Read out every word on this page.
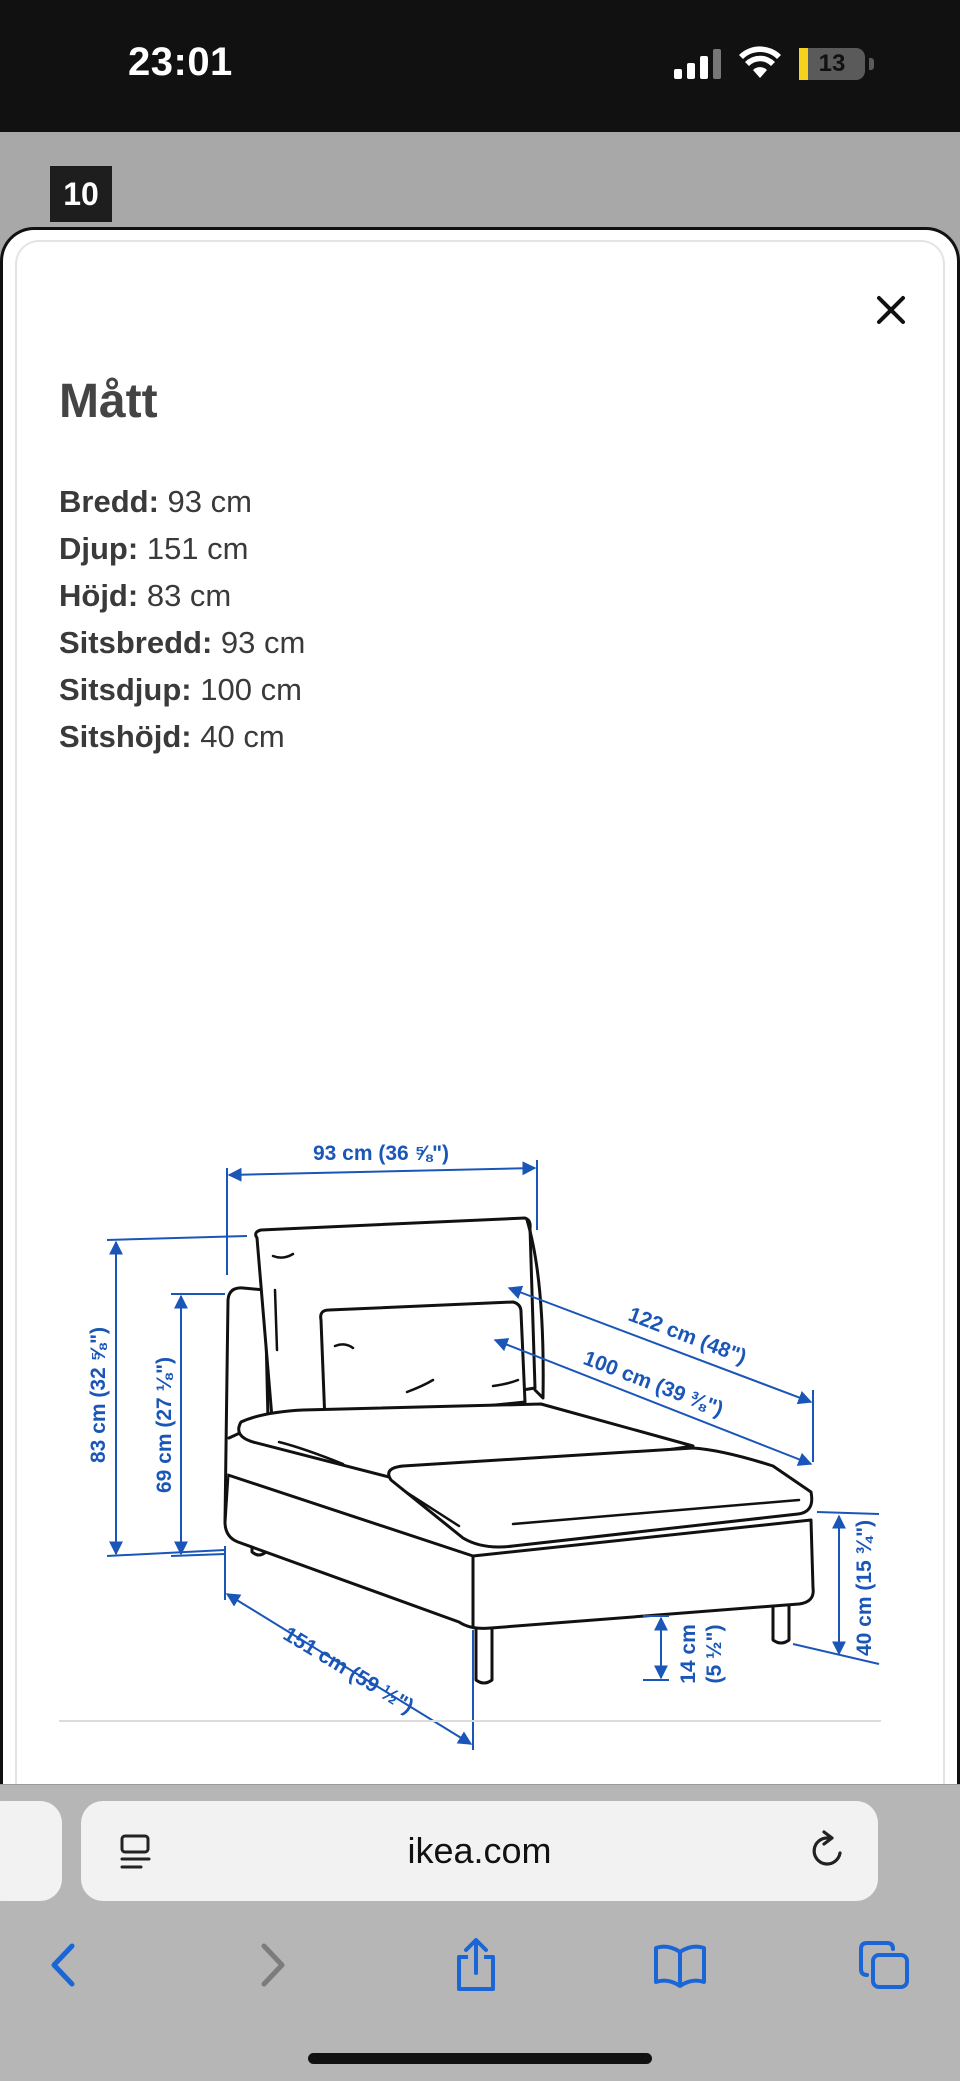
23:01	13
10
Mått
Bredd: 93 cm
Djup: 151 cm
Höjd: 83 cm
Sitsbredd: 93 cm
Sitsdjup: 100 cm
Sitshöjd: 40 cm
93 cm (36 ⅝")
83 cm (32 ⅝") 69 cm (27 ⅛")
122 cm (48")
100 cm (39 ⅜")
40 cm (15 ¾")
14 cm (5 ½")
151 cm (59 ½")
ikea.com
